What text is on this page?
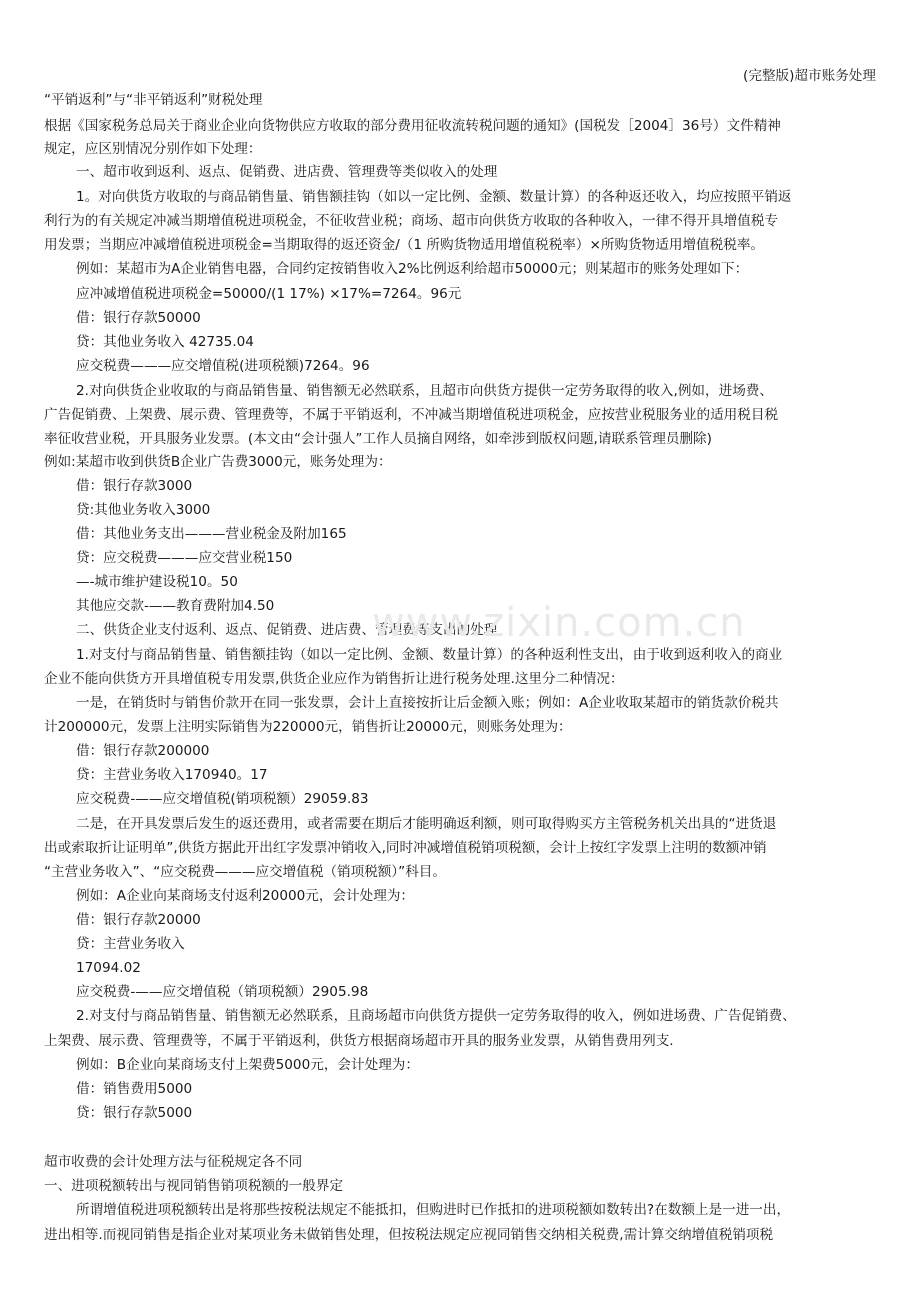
(完整版)超市账务处理
“平销返利”与“非平销返利”财税处理
根据《国家税务总局关于商业企业向货物供应方收取的部分费用征收流转税问题的通知》(国税发［2004］36号）文件精神
规定，应区别情况分别作如下处理：
一、超市收到返利、返点、促销费、进店费、管理费等类似收入的处理
1。对向供货方收取的与商品销售量、销售额挂钩（如以一定比例、金额、数量计算）的各种返还收入，均应按照平销返
利行为的有关规定冲减当期增值税进项税金，不征收营业税；商场、超市向供货方收取的各种收入，一律不得开具增值税专
用发票；当期应冲减增值税进项税金=当期取得的返还资金/（1 所购货物适用增值税税率）×所购货物适用增值税税率。
例如：某超市为A企业销售电器，合同约定按销售收入2%比例返利给超市50000元；则某超市的账务处理如下：
应冲减增值税进项税金=50000/(1 17%) ×17%=7264。96元
借：银行存款50000
贷：其他业务收入 42735.04
应交税费———应交增值税(进项税额)7264。96
2.对向供货企业收取的与商品销售量、销售额无必然联系，且超市向供货方提供一定劳务取得的收入,例如，进场费、
广告促销费、上架费、展示费、管理费等，不属于平销返利，不冲减当期增值税进项税金，应按营业税服务业的适用税目税
率征收营业税，开具服务业发票。(本文由“会计强人”工作人员摘自网络，如牵涉到版权问题,请联系管理员删除)
例如:某超市收到供货B企业广告费3000元，账务处理为：
借：银行存款3000
贷:其他业务收入3000
借：其他业务支出———营业税金及附加165
贷：应交税费———应交营业税150
—-城市维护建设税10。50
其他应交款-——教育费附加4.50
二、供货企业支付返利、返点、促销费、进店费、管理费等支出的处理
1.对支付与商品销售量、销售额挂钩（如以一定比例、金额、数量计算）的各种返利性支出，由于收到返利收入的商业
企业不能向供货方开具增值税专用发票,供货企业应作为销售折让进行税务处理.这里分二种情况：
一是，在销货时与销售价款开在同一张发票，会计上直接按折让后金额入账；例如：A企业收取某超市的销货款价税共
计200000元，发票上注明实际销售为220000元，销售折让20000元，则账务处理为：
借：银行存款200000
贷：主营业务收入170940。17
应交税费-——应交增值税(销项税额）29059.83
二是，在开具发票后发生的返还费用，或者需要在期后才能明确返利额，则可取得购买方主管税务机关出具的“进货退
出或索取折让证明单”,供货方据此开出红字发票冲销收入,同时冲减增值税销项税额，会计上按红字发票上注明的数额冲销
“主营业务收入”、“应交税费———应交增值税（销项税额）”科目。
例如：A企业向某商场支付返利20000元，会计处理为：
借：银行存款20000
贷：主营业务收入
17094.02
应交税费-——应交增值税（销项税额）2905.98
2.对支付与商品销售量、销售额无必然联系，且商场超市向供货方提供一定劳务取得的收入，例如进场费、广告促销费、
上架费、展示费、管理费等，不属于平销返利，供货方根据商场超市开具的服务业发票，从销售费用列支.
例如：B企业向某商场支付上架费5000元，会计处理为：
借：销售费用5000
贷：银行存款5000
超市收费的会计处理方法与征税规定各不同
一、进项税额转出与视同销售销项税额的一般界定
所谓增值税进项税额转出是将那些按税法规定不能抵扣，但购进时已作抵扣的进项税额如数转出?在数额上是一进一出，
进出相等.而视同销售是指企业对某项业务未做销售处理，但按税法规定应视同销售交纳相关税费,需计算交纳增值税销项税
www.zixin.com.cn
